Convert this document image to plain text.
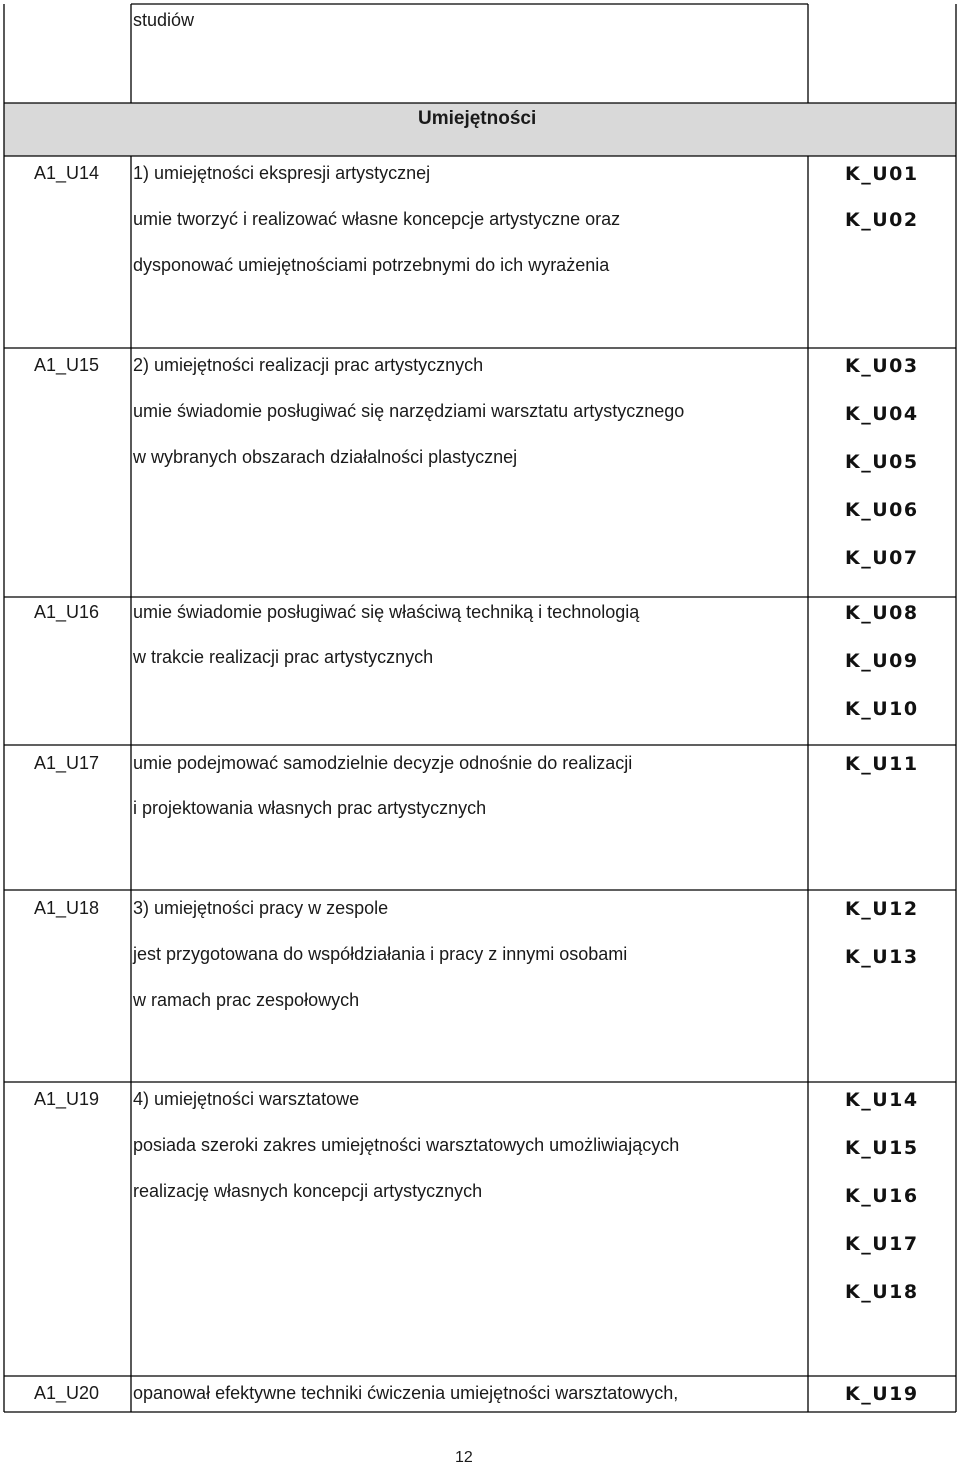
studiów
Umiejętności
A1_U14 1) umiejętności ekspresji artystycznej
umie tworzyć i realizować własne koncepcje artystyczne oraz
dysponować umiejętnościami potrzebnymi do ich wyrażenia
K_U01
K_U02
A1_U15 2) umiejętności realizacji prac artystycznych
umie świadomie posługiwać się narzędziami warsztatu artystycznego
w wybranych obszarach działalności plastycznej
K_U03
K_U04
K_U05
K_U06
K_U07
A1_U16 umie świadomie posługiwać się właściwą techniką i technologią
w trakcie realizacji prac artystycznych
K_U08
K_U09
K_U10
A1_U17 umie podejmować samodzielnie decyzje odnośnie do realizacji
i projektowania własnych prac artystycznych
K_U11
A1_U18 3) umiejętności pracy w zespole
jest przygotowana do współdziałania i pracy z innymi osobami
w ramach prac zespołowych
K_U12
K_U13
A1_U19 4) umiejętności warsztatowe
posiada szeroki zakres umiejętności warsztatowych umożliwiających
realizację własnych koncepcji artystycznych
K_U14
K_U15
K_U16
K_U17
K_U18
A1_U20 opanował efektywne techniki ćwiczenia umiejętności warsztatowych,	K_U19
12
